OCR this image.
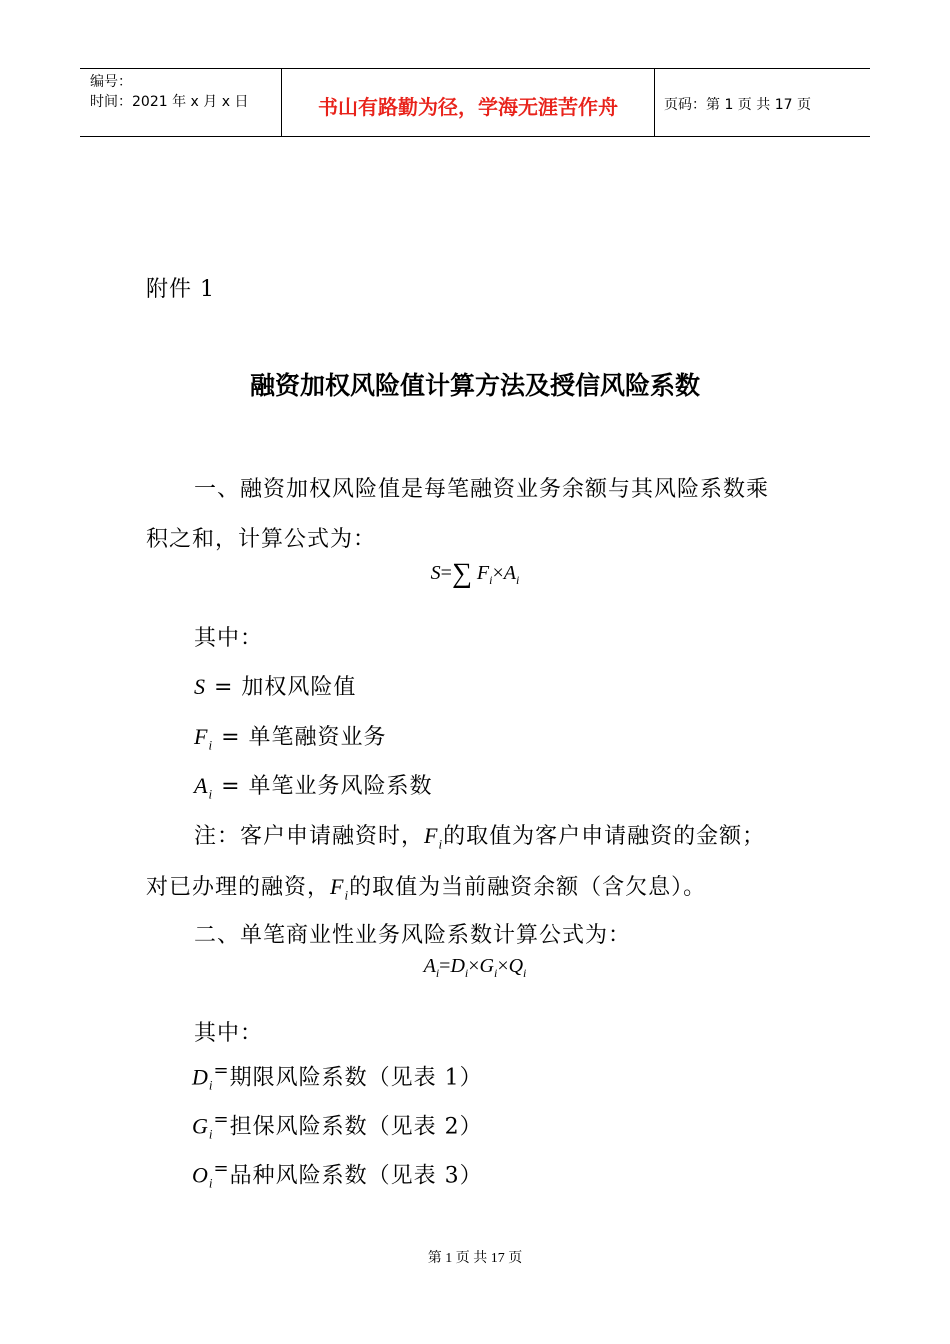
编号：
时间：2021 年 x 月 x 日	书山有路勤为径，学海无涯苦作舟	页码：第 1 页 共 17 页
附件 1
融资加权风险值计算方法及授信风险系数
一、融资加权风险值是每笔融资业务余额与其风险系数乘
积之和，计算公式为：
S=∑ $F_i\times A_i$
其中：
S = 加权风险值
$F_i$ = 单笔融资业务
$A_i$ = 单笔业务风险系数
注：客户申请融资时，$F_i$的取值为客户申请融资的金额；
对已办理的融资，$F_i$的取值为当前融资余额（含欠息）。
二、单笔商业性业务风险系数计算公式为：
$A_i=D_i\times G_i\times Q_i$
其中：
$D_i^=$期限风险系数（见表 1）
$G_i^=$担保风险系数（见表 2）
$O_i^=$品种风险系数（见表 3）
第 1 页 共 17 页
